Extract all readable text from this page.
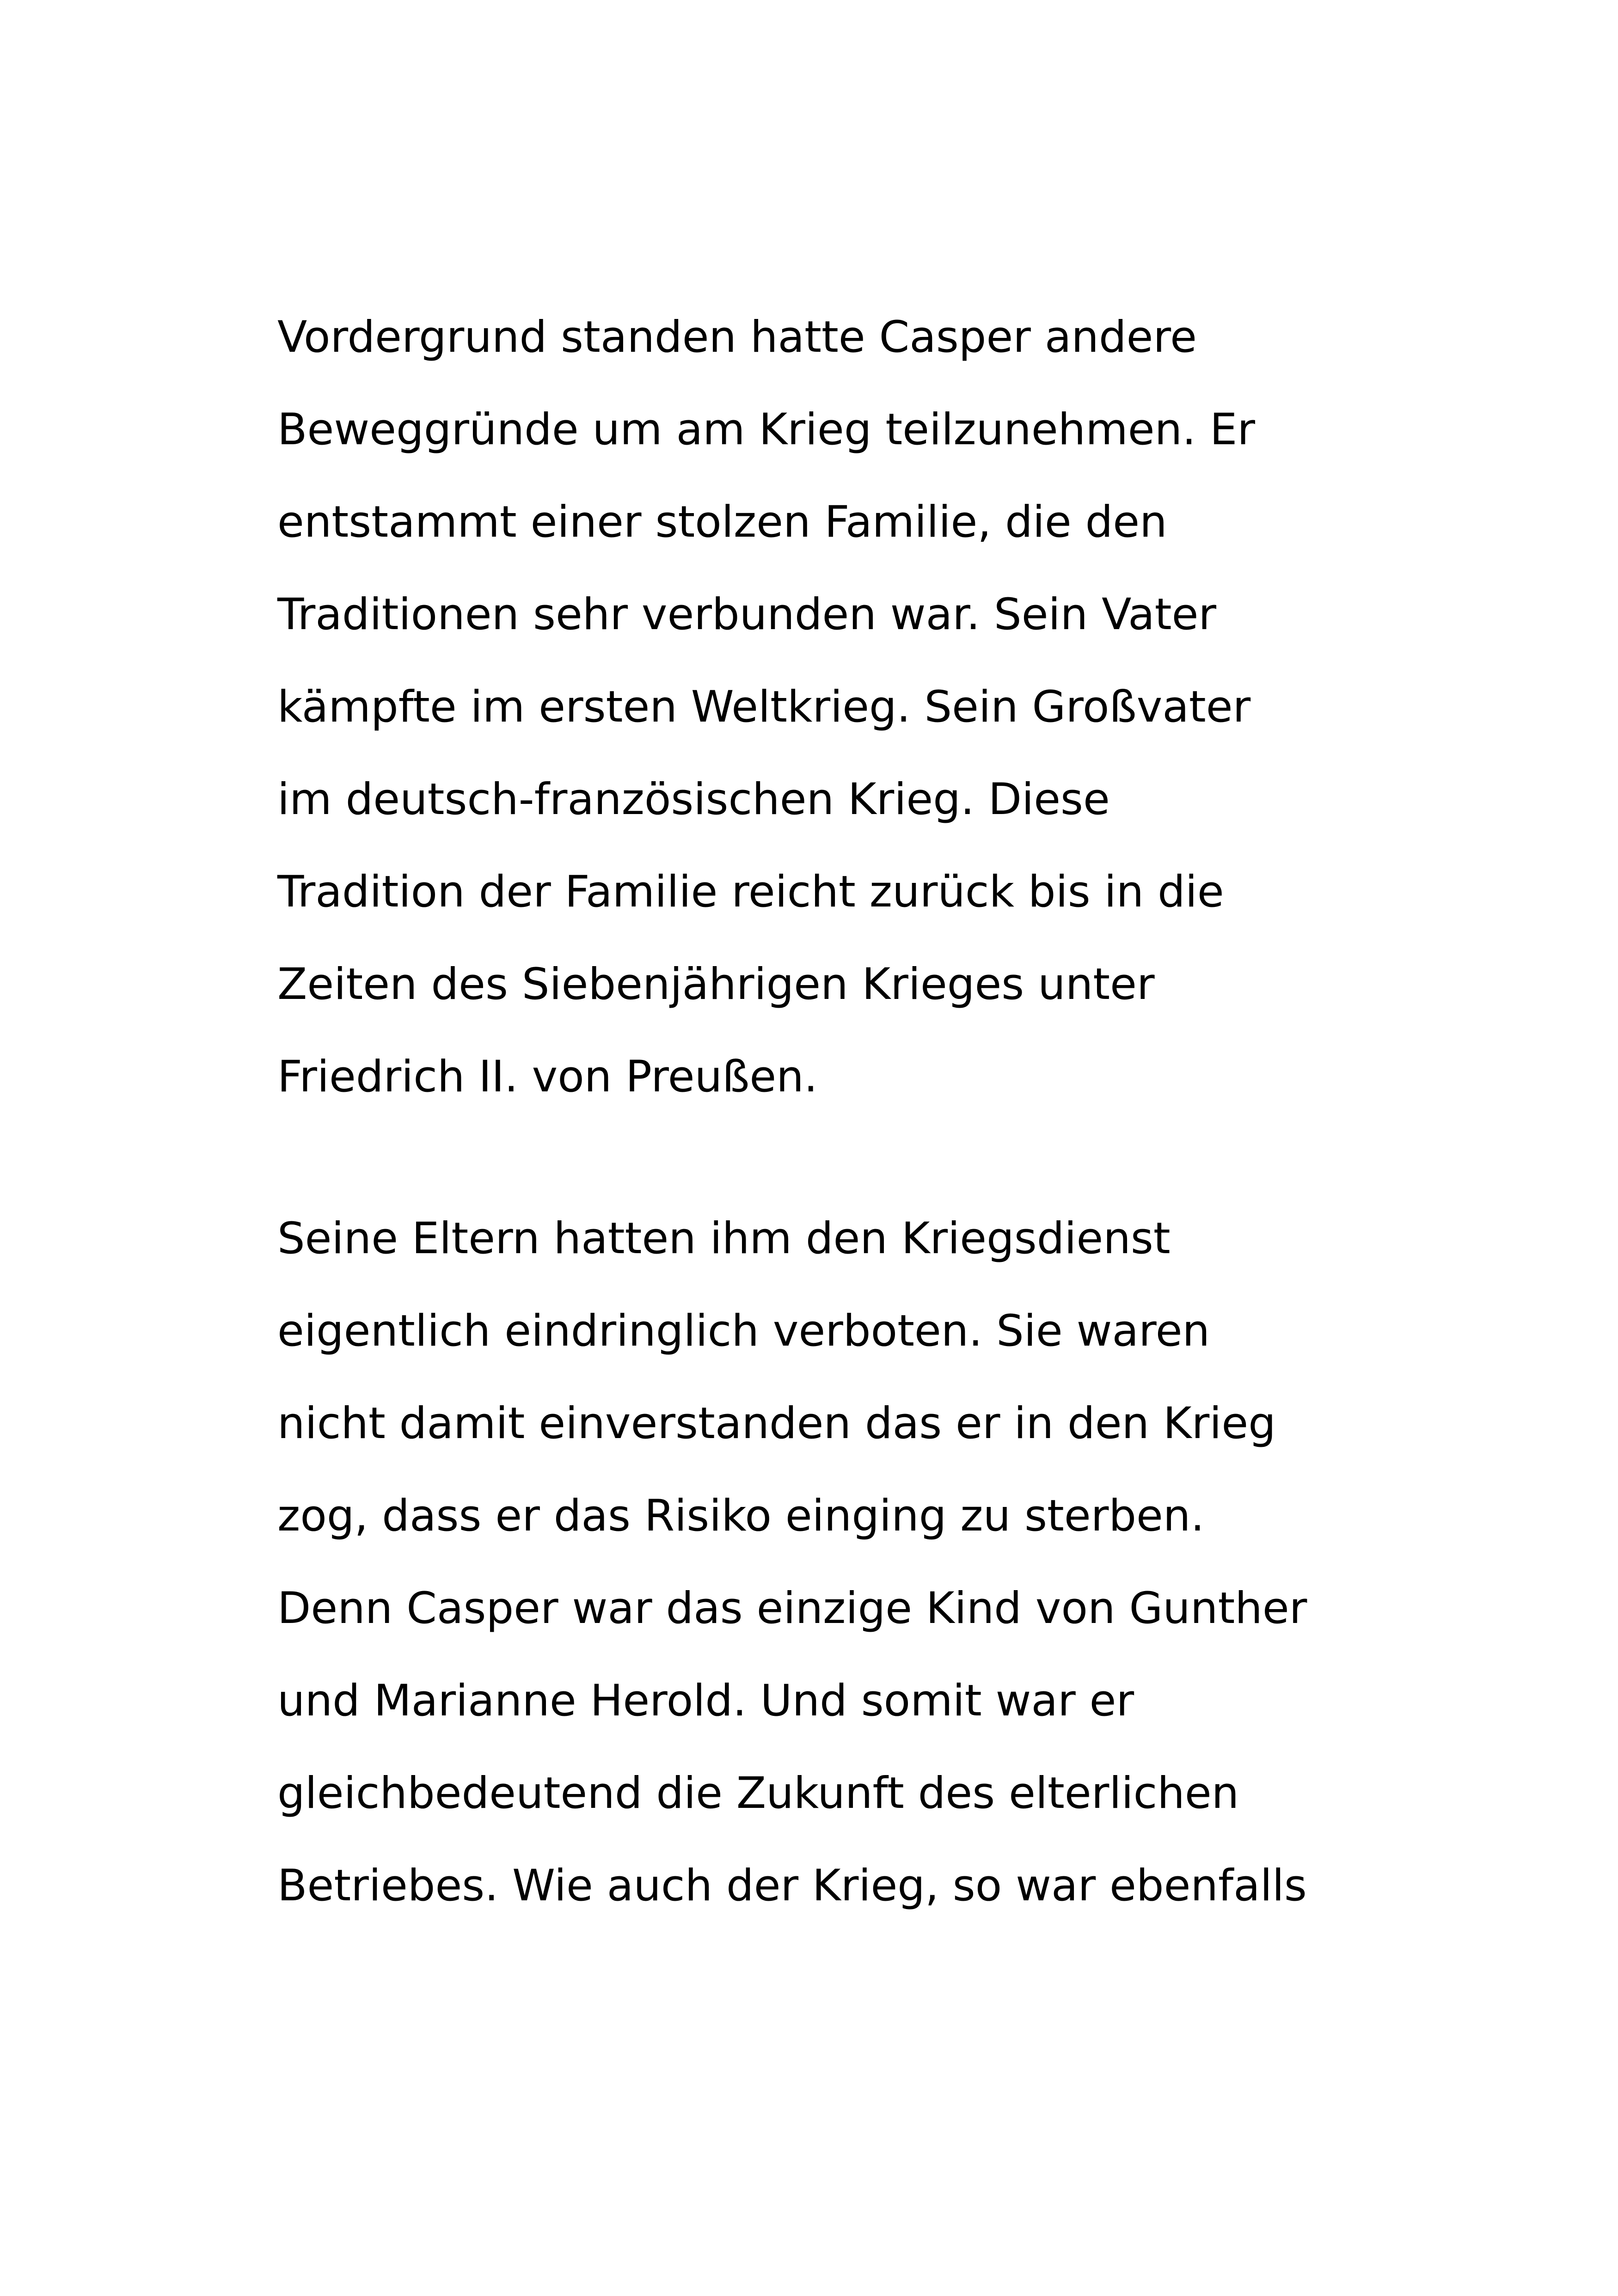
Vordergrund standen hatte Casper andere
Beweggründe um am Krieg teilzunehmen. Er
entstammt einer stolzen Familie, die den
Traditionen sehr verbunden war. Sein Vater
kämpfte im ersten Weltkrieg. Sein Großvater
im deutsch-französischen Krieg. Diese
Tradition der Familie reicht zurück bis in die
Zeiten des Siebenjährigen Krieges unter
Friedrich II. von Preußen.
Seine Eltern hatten ihm den Kriegsdienst
eigentlich eindringlich verboten. Sie waren
nicht damit einverstanden das er in den Krieg
zog, dass er das Risiko einging zu sterben.
Denn Casper war das einzige Kind von Gunther
und Marianne Herold. Und somit war er
gleichbedeutend die Zukunft des elterlichen
Betriebes. Wie auch der Krieg, so war ebenfalls
